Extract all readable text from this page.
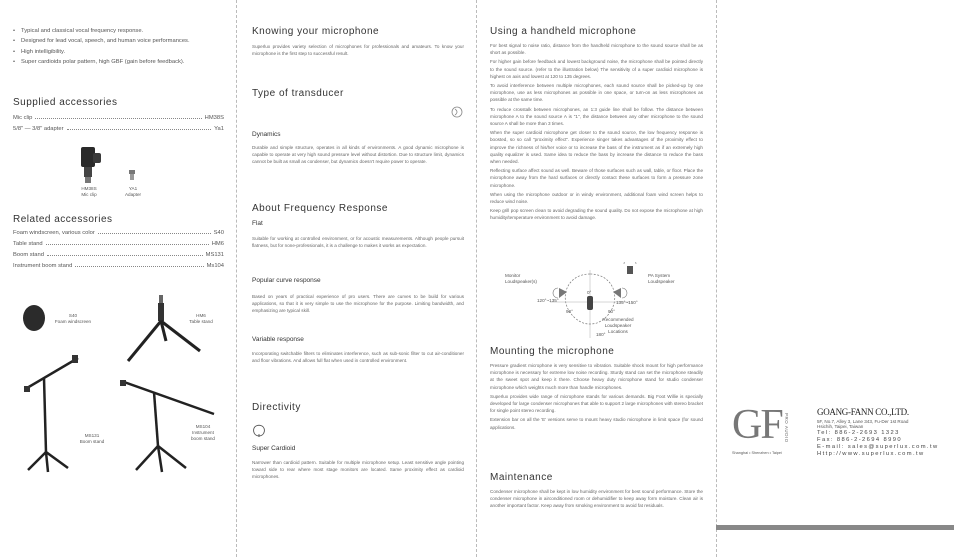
• Typical and classical vocal frequency response.
• Designed for lead vocal, speech, and human voice performances.
• High intelligibility.
• Super cardioids polar pattern, high GBF (gain before feedback).
Supplied accessories
Mic clip	HM38S
5/8" — 3/8" adapter	Ya1
HM38S
Mic clip
YA1
Adapter
Related accessories
Foam windscreen, various color	S40
Table stand	HM6
Boom stand	MS131
Instrument boom stand	Ms104
S40
Foam windscreen
HM6
Table stand
MS131
Boom stand
MS104
Instrument boom stand
Knowing your microphone
Superlux provides variety selection of microphones for professionals and amateurs. To know your microphone is the first step to successful result.
Type of transducer
Dynamics
Durable and simple structure, operates in all kinds of environments. A good dynamic microphone is capable to operate at very high sound pressure level without distortion. Due to structure limit, dynamics cannot be built as small as condenser, but dynamics doesn't require power to operate.
About Frequency Response
Flat
Suitable for working at controlled environment, or for acoustic measurements. Although people pursuit flatness, but for none-professionals, it is a challenge to makes it works as expectation.
Popular curve response
Based on years of practical experience of pro users. There are curves to be build for various applications, so that it is very simple to use the microphone for the purpose. Limiting bandwidth, and emphasizing are typical skill.
Variable response
Incorporating switchable filters to eliminates interference, such as sub-sonic filter to cut air-conditioner and floor vibrations. And allows full flat when used in controlled environment.
Directivity
Super Cardioid
Narrower than cardioid pattern. Suitable for multiple microphone setup. Least sensitive angle pointing toward side to rear where most stage monitors are located. Same proximity effect as cardioid microphones.
Using a handheld microphone
For best signal to noise ratio, distance from the handheld microphone to the sound source shall be as short as possible.
For higher gain before feedback and lowest background noise, the microphone shall be pointed directly to the sound source. (refer to the illustration below) The sensitivity of a super cardioid microphone is highest on axis and lowest at 120 to 135 degrees.
To avoid interference between multiple microphones, each sound source shall be picked-up by one microphone, use as less microphones as possible in one space, or turn-on as less microphones as possible at the same time.
To reduce crosstalk between microphones, an 1:3 guide line shall be follow. The distance between microphone A to the sound source A is "1", the distance between any other microphone to the sound source A shall be more than 3 times.
When the super cardioid microphone get closer to the sound source, the low frequency response is boosted, so so call "proximity effect". Experience singer takes advantages of the proximity effect to improve the richness of his/her voice or to increase the bass of the instrument as if an extremely high quality equalizer is used. Same idea to reduce the bass by increase the distance to reduce the bass when needed.
Reflecting surface affect sound as well. Beware of those surfaces such as wall, table, or floor. Place the microphone away from the hard surfaces or directly contact these surfaces to form a pressure zone microphone.
When using the microphone outdoor or in windy environment, additional foam wind screen helps to reduce wind noise.
Keep grill pop screen clean to avoid degrading the sound quality. Do not expose the microphone at high humidity/temperature environment to avoid damage.
Monitor Loudspeaker(s)
PA System Loudspeaker
120°~135°	135°~150°
0°
90°	90°
180°
Recommended Loudspeaker Locations
Mounting the microphone
Pressure gradient microphone is very sensitive to vibration. Suitable shock mount for high performance microphone is necessary for extreme low noise recording. Sturdy stand can set the microphone steadily at the sweet spot and keep it there. Choose heavy duty microphone stand for studio condenser microphone which weights much more than handle microphones.
Superlux provides wide range of microphone stands for various demands. Big Foot Willie is specially developed for large condenser microphones that able to support 2 large microphones with stereo bracket for single point stereo recording.
Extension bar on all the 'E' versions serve to mount heavy studio microphone in limit space (for sound applications.
Maintenance
Condenser microphone shall be kept in low humidity environment for best sound performance. Store the condenser microphone in airconditioned room or dehumidifier to keep away form moisture. Clean air is another important factor. Keep away from smoking environment to avoid fat residuals.
GF PRO AUDIO
Shanghai • Shenzhen • Taipei
GOANG-FANN CO.,LTD.
5F, No.7, Alley 3, Lane 343, Fu-Der 1st Road
Hsichih, Taipei, Taiwan
Tel: 886-2-2693 1323
Fax: 886-2-2694 8990
E-mail: sales@superlux.com.tw
Http://www.superlux.com.tw
